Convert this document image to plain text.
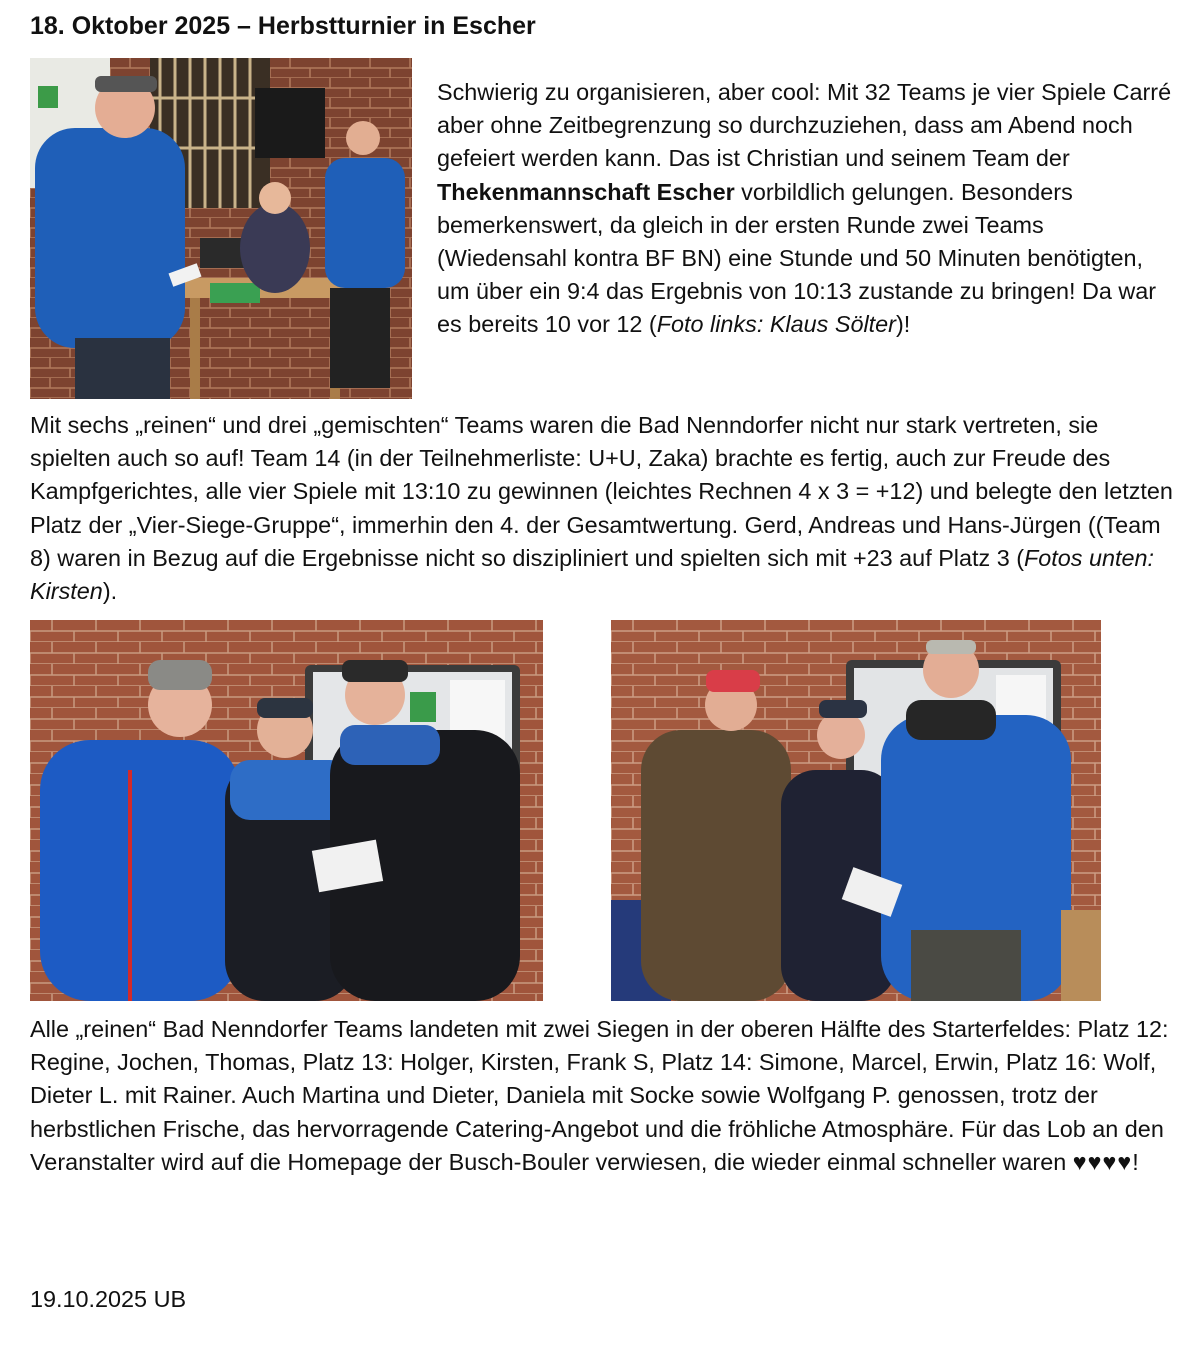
18. Oktober 2025 – Herbstturnier in Escher

Schwierig zu organisieren, aber cool: Mit 32 Teams je vier Spiele Carré aber ohne Zeitbegrenzung so durchzuziehen, dass am Abend noch gefeiert werden kann. Das ist Christian und seinem Team der Thekenmannschaft Escher vorbildlich gelungen. Besonders bemerkenswert, da gleich in der ersten Runde zwei Teams (Wiedensahl kontra BF BN) eine Stunde und 50 Minuten benötigten, um über ein 9:4 das Ergebnis von 10:13 zustande zu bringen! Da war es bereits 10 vor 12 (Foto links: Klaus Sölter)!

Mit sechs „reinen“ und drei „gemischten“ Teams waren die Bad Nenndorfer nicht nur stark vertreten, sie spielten auch so auf! Team 14 (in der Teilnehmerliste: U+U, Zaka) brachte es fertig, auch zur Freude des Kampfgerichtes, alle vier Spiele mit 13:10 zu gewinnen (leichtes Rechnen 4 x 3 = +12) und belegte den letzten Platz der „Vier-Siege-Gruppe“, immerhin den 4. der Gesamtwertung. Gerd, Andreas und Hans-Jürgen ((Team 8) waren in Bezug auf die Ergebnisse nicht so diszipliniert und spielten sich mit +23 auf Platz 3 (Fotos unten: Kirsten).

Alle „reinen“ Bad Nenndorfer Teams landeten mit zwei Siegen in der oberen Hälfte des Starterfeldes: Platz 12: Regine, Jochen, Thomas, Platz 13: Holger, Kirsten, Frank S, Platz 14: Simone, Marcel, Erwin, Platz 16: Wolf, Dieter L. mit Rainer. Auch Martina und Dieter, Daniela mit Socke sowie Wolfgang P. genossen, trotz der herbstlichen Frische, das hervorragende Catering-Angebot und die fröhliche Atmosphäre. Für das Lob an den Veranstalter wird auf die Homepage der Busch-Bouler verwiesen, die wieder einmal schneller waren ♥♥♥♥!

19.10.2025 UB
